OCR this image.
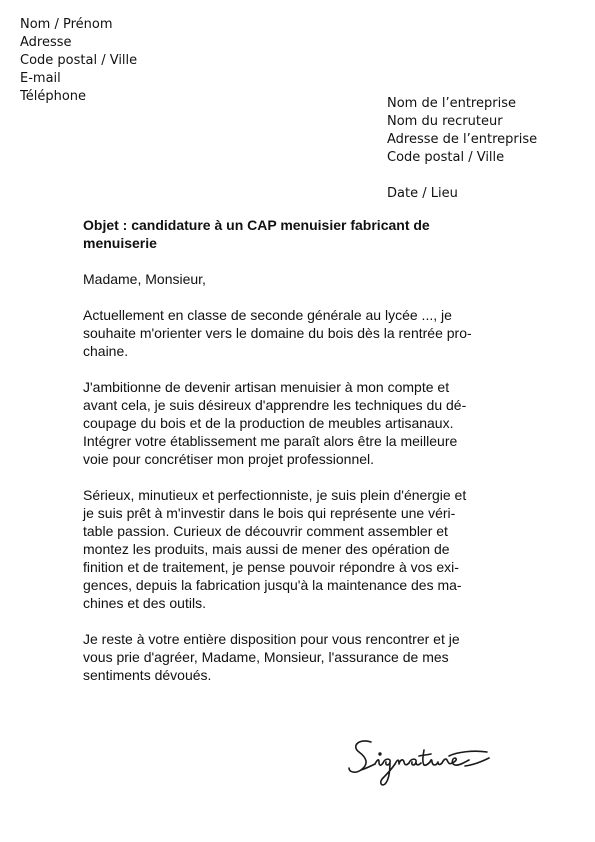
Nom / Prénom
Adresse
Code postal / Ville
E-mail
Téléphone	Nom de l’entreprise
Nom du recruteur
Adresse de l’entreprise
Code postal / Ville
Date / Lieu
Objet : candidature à un CAP menuisier fabricant de
menuiserie
Madame, Monsieur,
Actuellement en classe de seconde générale au lycée ..., je
souhaite m'orienter vers le domaine du bois dès la rentrée pro-
chaine.
J'ambitionne de devenir artisan menuisier à mon compte et
avant cela, je suis désireux d'apprendre les techniques du dé-
coupage du bois et de la production de meubles artisanaux.
Intégrer votre établissement me paraît alors être la meilleure
voie pour concrétiser mon projet professionnel.
Sérieux, minutieux et perfectionniste, je suis plein d'énergie et
je suis prêt à m'investir dans le bois qui représente une véri-
table passion. Curieux de découvrir comment assembler et
montez les produits, mais aussi de mener des opération de
finition et de traitement, je pense pouvoir répondre à vos exi-
gences, depuis la fabrication jusqu'à la maintenance des ma-
chines et des outils.
Je reste à votre entière disposition pour vous rencontrer et je
vous prie d'agréer, Madame, Monsieur, l'assurance de mes
sentiments dévoués.
